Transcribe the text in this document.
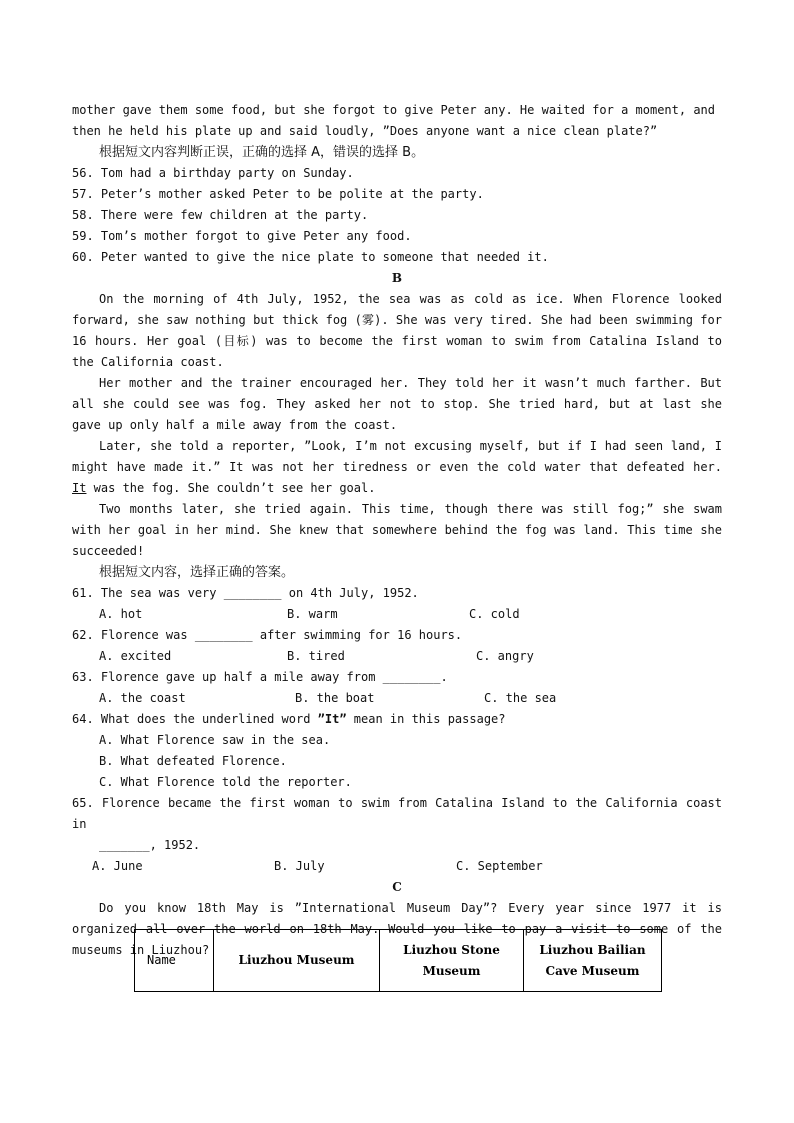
mother gave them some food, but she forgot to give Peter any. He waited for a moment, and

then he held his plate up and said loudly, ”Does anyone want a nice clean plate?”

根据短文内容判断正误，正确的选择 A，错误的选择 B。

56. Tom had a birthday party on Sunday.

57. Peter’s mother asked Peter to be polite at the party.

58. There were few children at the party.

59. Tom’s mother forgot to give Peter any food.

60. Peter wanted to give the nice plate to someone that needed it.

B

On the morning of 4th July, 1952, the sea was as cold as ice. When Florence looked forward, she saw nothing but thick fog (雾). She was very tired. She had been swimming for 16 hours. Her goal (目标) was to become the first woman to swim from Catalina Island to the California coast.

Her mother and the trainer encouraged her. They told her it wasn’t much farther. But all she could see was fog. They asked her not to stop. She tried hard, but at last she gave up only half a mile away from the coast.

Later, she told a reporter, ”Look, I’m not excusing myself, but if I had seen land, I might have made it.” It was not her tiredness or even the cold water that defeated her. It was the fog. She couldn’t see her goal.

Two months later, she tried again. This time, though there was still fog;” she swam with her goal in her mind. She knew that somewhere behind the fog was land. This time she succeeded!

根据短文内容，选择正确的答案。

61. The sea was very ________ on 4th July, 1952.

A. hot	B. warm	C. cold

62. Florence was ________ after swimming for 16 hours.

A. excited	B. tired	C. angry

63. Florence gave up half a mile away from ________.

A. the coast	B. the boat	C. the sea

64. What does the underlined word ”It” mean in this passage?

A. What Florence saw in the sea.

B. What defeated Florence.

C. What Florence told the reporter.

65. Florence became the first woman to swim from Catalina Island to the California coast in

_______, 1952.

A. June	B. July	C. September

C

Do you know 18th May is ”International Museum Day”? Every year since 1977 it is organized all over the world on 18th May. Would you like to pay a visit to some of the museums in Liuzhou?

Name	Liuzhou Museum	Liuzhou Stone Museum	Liuzhou Bailian Cave Museum
